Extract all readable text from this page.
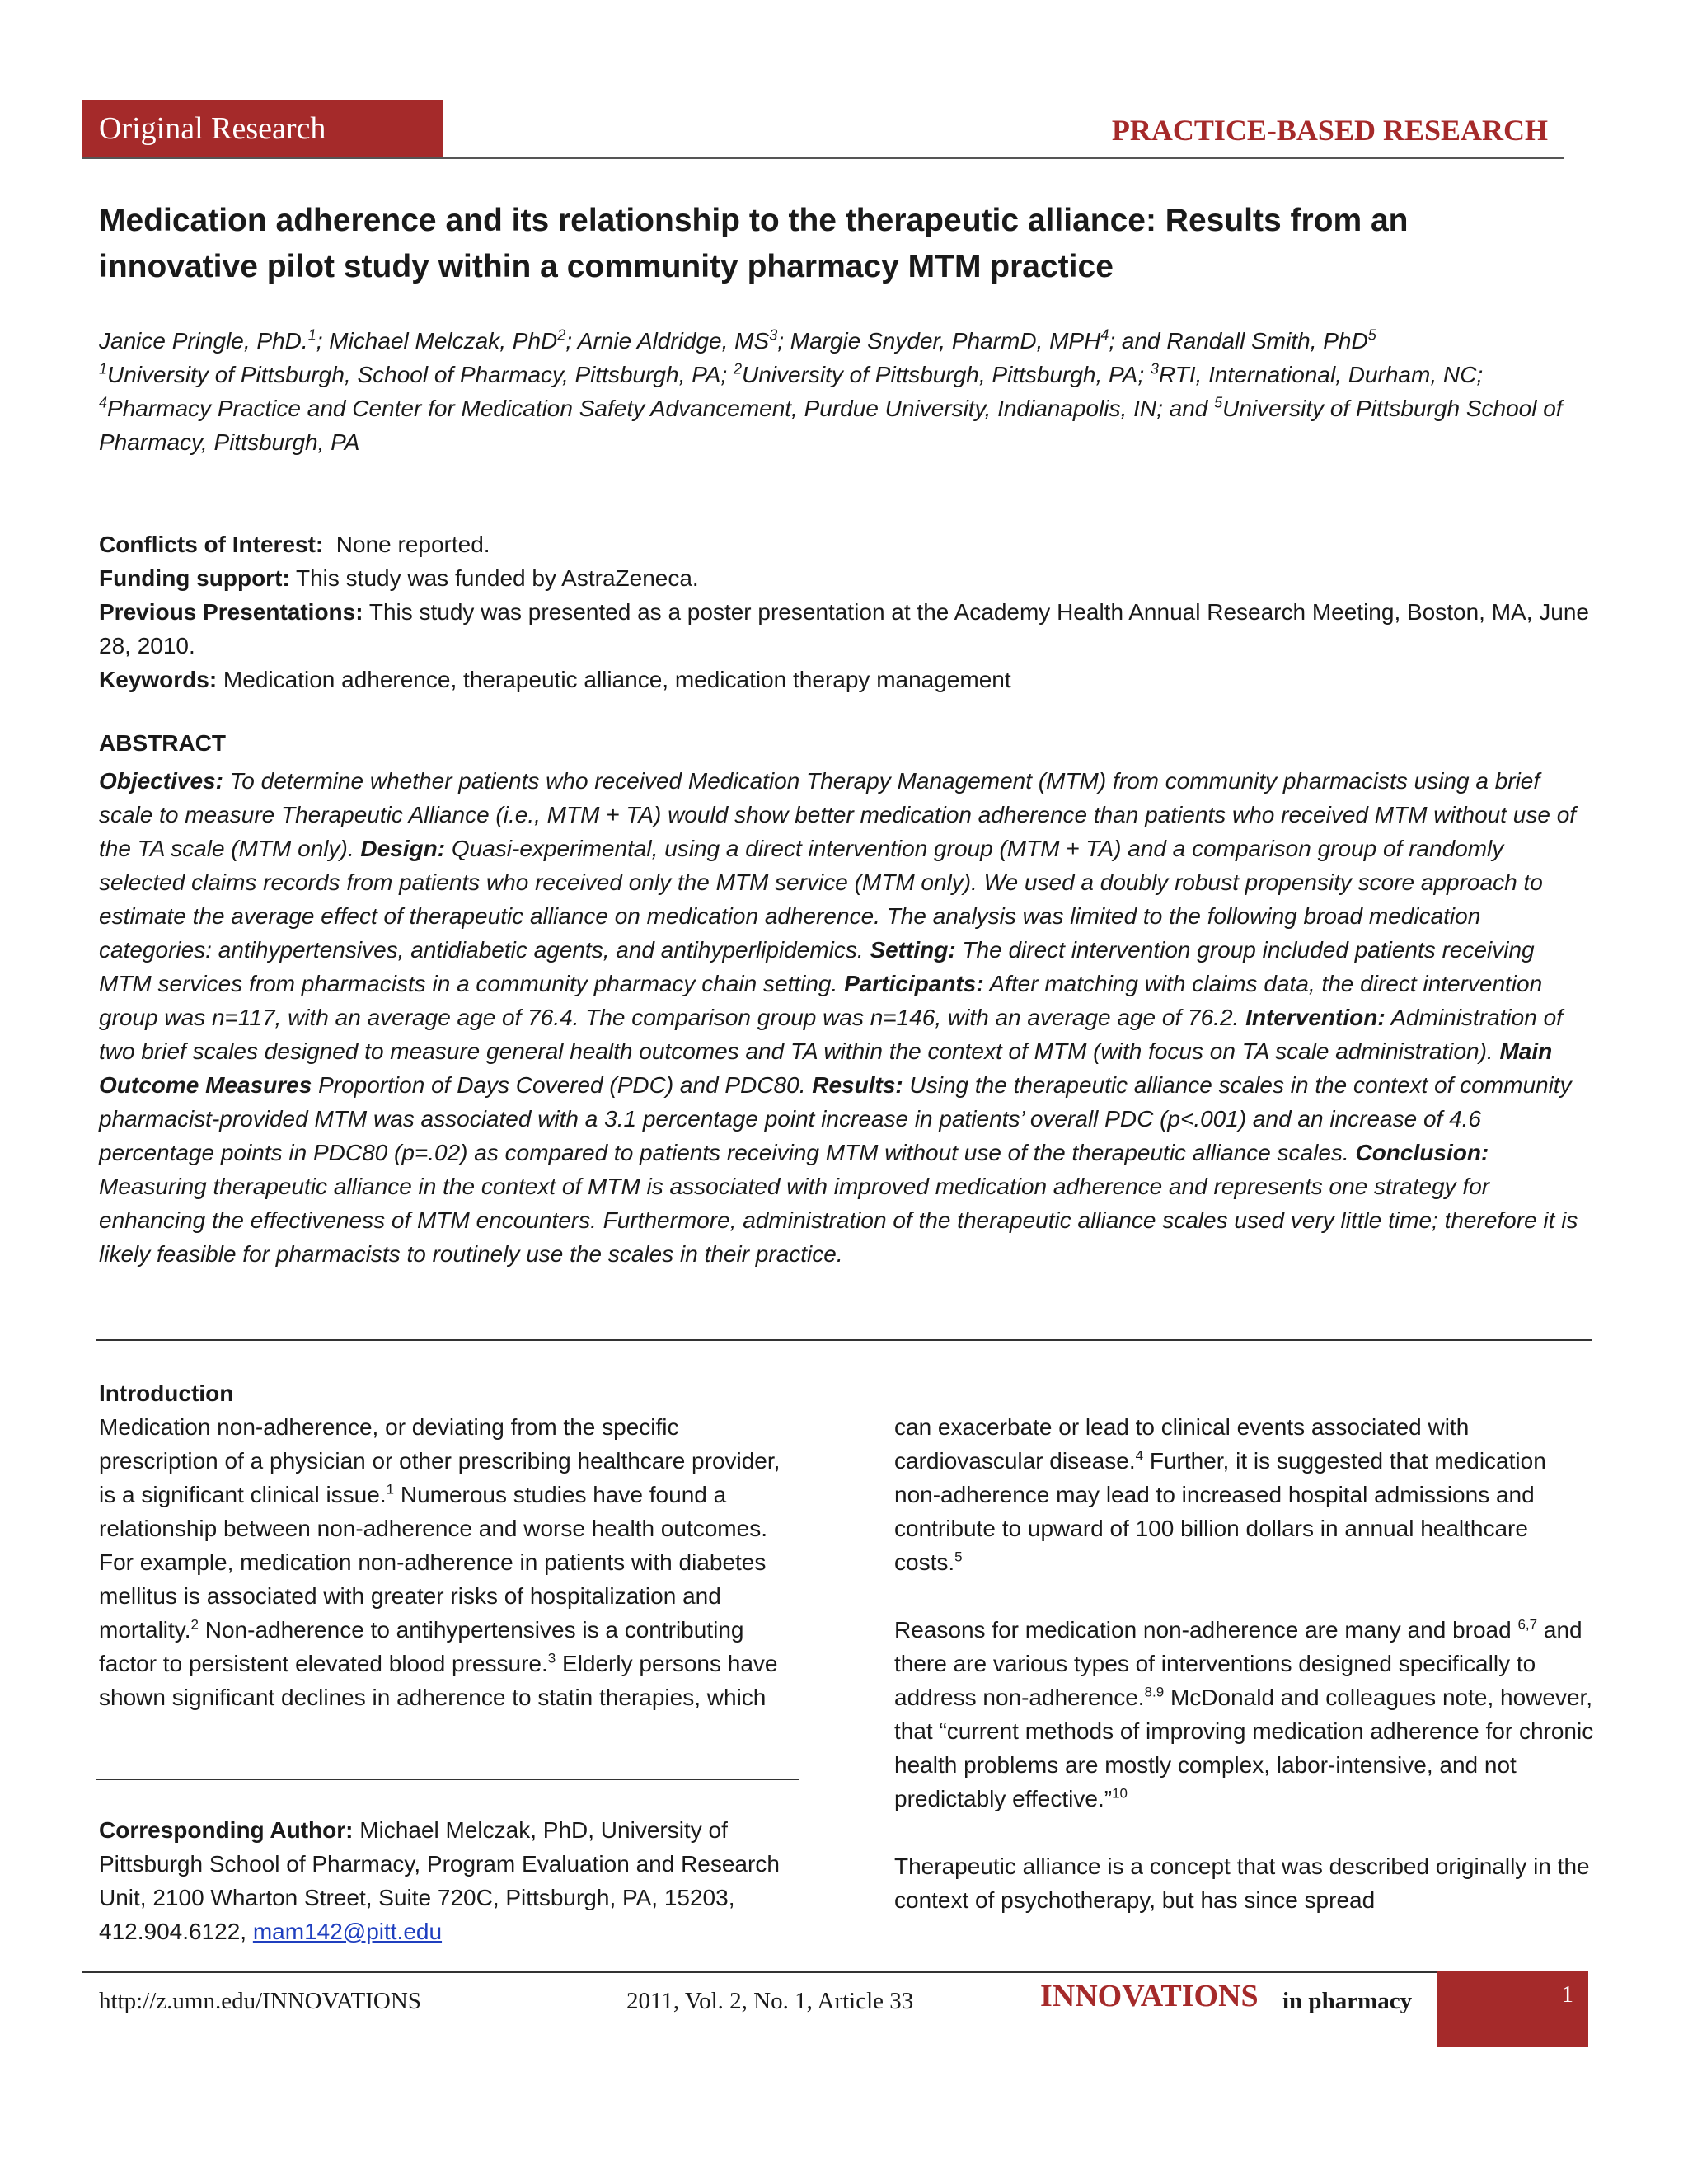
Original Research	PRACTICE-BASED RESEARCH
Medication adherence and its relationship to the therapeutic alliance: Results from an innovative pilot study within a community pharmacy MTM practice

Janice Pringle, PhD.$^1$; Michael Melczak, PhD$^2$; Arnie Aldridge, $MS^3$; Margie Snyder, PharmD, MPH$^4$; and Randall Smith, PhD$^5$

$^1$University of Pittsburgh, School of Pharmacy, Pittsburgh, PA; $^2$University of Pittsburgh, Pittsburgh, PA; $^3$RTI, International, Durham, NC; $^4$Pharmacy Practice and Center for Medication Safety Advancement, Purdue University, Indianapolis, IN; and $^5$University of Pittsburgh School of Pharmacy, Pittsburgh, PA

Conflicts of Interest:  None reported.

Funding support: This study was funded by AstraZeneca.

Previous Presentations: This study was presented as a poster presentation at the Academy Health Annual Research Meeting, Boston, MA, June 28, 2010.

Keywords: Medication adherence, therapeutic alliance, medication therapy management

ABSTRACT

Objectives: To determine whether patients who received Medication Therapy Management (MTM) from community pharmacists using a brief scale to measure Therapeutic Alliance (i.e., MTM + TA) would show better medication adherence than patients who received MTM without use of the TA scale (MTM only). Design: Quasi-experimental, using a direct intervention group (MTM + TA) and a comparison group of randomly selected claims records from patients who received only the MTM service (MTM only). We used a doubly robust propensity score approach to estimate the average effect of therapeutic alliance on medication adherence. The analysis was limited to the following broad medication categories: antihypertensives, antidiabetic agents, and antihyperlipidemics. Setting: The direct intervention group included patients receiving MTM services from pharmacists in a community pharmacy chain setting. Participants: After matching with claims data, the direct intervention group was n=117, with an average age of 76.4. The comparison group was n=146, with an average age of 76.2. Intervention: Administration of two brief scales designed to measure general health outcomes and TA within the context of MTM (with focus on TA scale administration). Main Outcome Measures Proportion of Days Covered (PDC) and PDC80. Results: Using the therapeutic alliance scales in the context of community pharmacist-provided MTM was associated with a 3.1 percentage point increase in patients’ overall PDC (p<.001) and an increase of 4.6 percentage points in PDC80 (p=.02) as compared to patients receiving MTM without use of the therapeutic alliance scales. Conclusion: Measuring therapeutic alliance in the context of MTM is associated with improved medication adherence and represents one strategy for enhancing the effectiveness of MTM encounters. Furthermore, administration of the therapeutic alliance scales used very little time; therefore it is likely feasible for pharmacists to routinely use the scales in their practice.

Introduction

Medication non-adherence, or deviating from the specific prescription of a physician or other prescribing healthcare provider, is a significant clinical issue.$^1$ Numerous studies have found a relationship between non-adherence and worse health outcomes. For example, medication non-adherence in patients with diabetes mellitus is associated with greater risks of hospitalization and mortality.$^2$ Non-adherence to antihypertensives is a contributing factor to persistent elevated blood pressure.$^3$ Elderly persons have shown significant declines in adherence to statin therapies, which

Corresponding Author: Michael Melczak, PhD, University of Pittsburgh School of Pharmacy, Program Evaluation and Research Unit, 2100 Wharton Street, Suite 720C, Pittsburgh, PA, 15203, 412.904.6122, mam142@pitt.edu

can exacerbate or lead to clinical events associated with cardiovascular disease.$^4$ Further, it is suggested that medication non-adherence may lead to increased hospital admissions and contribute to upward of 100 billion dollars in annual healthcare costs.$^5$

Reasons for medication non-adherence are many and broad $^{6,7}$ and there are various types of interventions designed specifically to address non-adherence.$^{8.9}$ McDonald and colleagues note, however, that “current methods of improving medication adherence for chronic health problems are mostly complex, labor-intensive, and not predictably effective.”$^{10}$

Therapeutic alliance is a concept that was described originally in the context of psychotherapy, but has since spread

http://z.umn.edu/INNOVATIONS	2011, Vol. 2, No. 1, Article 33	INNOVATIONS in pharmacy	1
